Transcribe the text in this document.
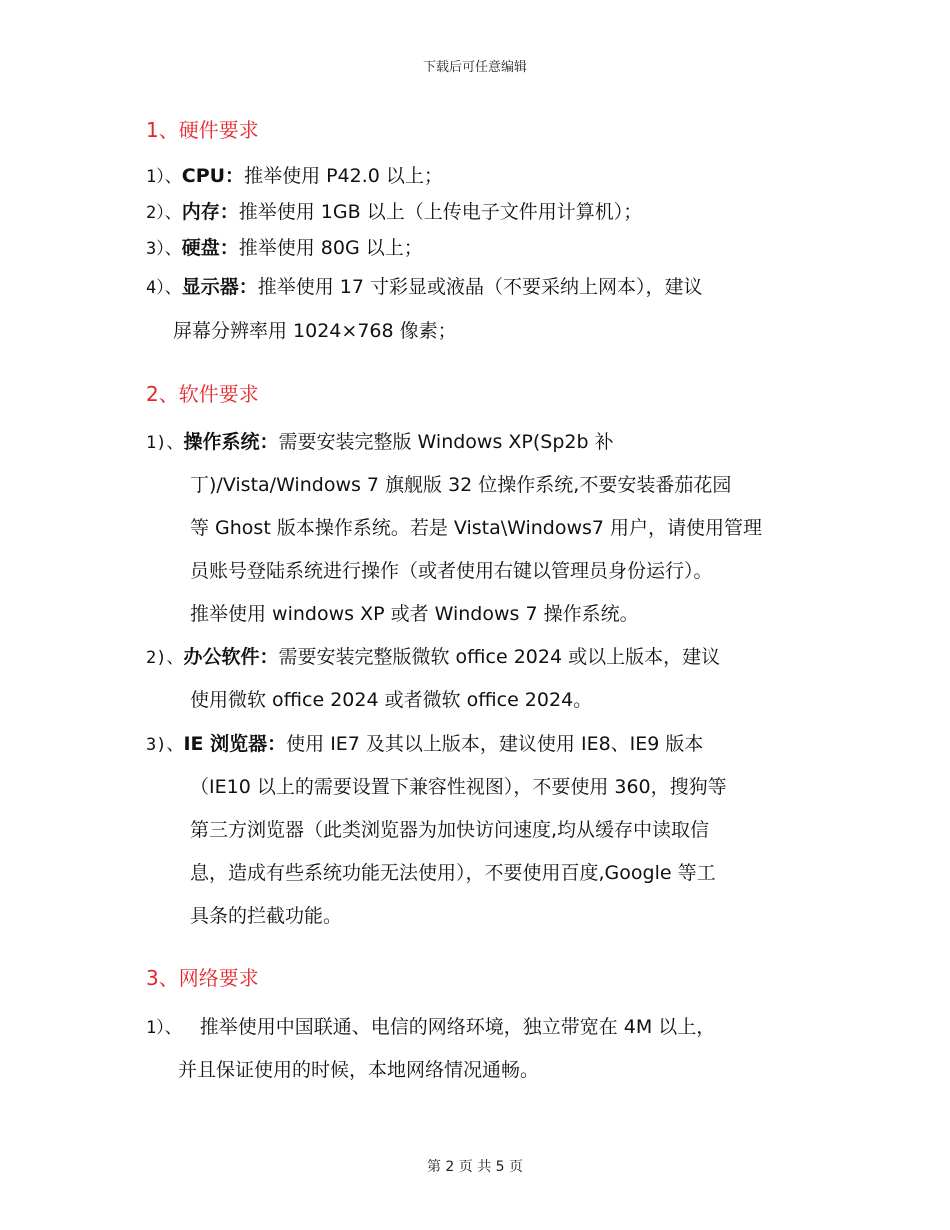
下载后可任意编辑
1、硬件要求
1）、CPU：推举使用 P42.0 以上；
2）、内存：推举使用 1GB 以上（上传电子文件用计算机）；
3）、硬盘：推举使用 80G 以上；
4）、显示器：推举使用 17 寸彩显或液晶（不要采纳上网本），建议
屏幕分辨率用 1024×768 像素；
2、软件要求
1)、操作系统：需要安装完整版 Windows XP(Sp2b 补
丁)/Vista/Windows 7 旗舰版 32 位操作系统,不要安装番茄花园
等 Ghost 版本操作系统。若是 Vista\Windows7 用户，请使用管理
员账号登陆系统进行操作（或者使用右键以管理员身份运行）。
推举使用 windows XP 或者 Windows 7 操作系统。
2)、办公软件：需要安装完整版微软 office 2024 或以上版本，建议
使用微软 office 2024 或者微软 office 2024。
3)、IE 浏览器：使用 IE7 及其以上版本，建议使用 IE8、IE9 版本
（IE10 以上的需要设置下兼容性视图），不要使用 360，搜狗等
第三方浏览器（此类浏览器为加快访问速度,均从缓存中读取信
息，造成有些系统功能无法使用），不要使用百度,Google 等工
具条的拦截功能。
3、网络要求
1）、 推举使用中国联通、电信的网络环境，独立带宽在 4M 以上，
并且保证使用的时候，本地网络情况通畅。
第 2 页 共 5 页
